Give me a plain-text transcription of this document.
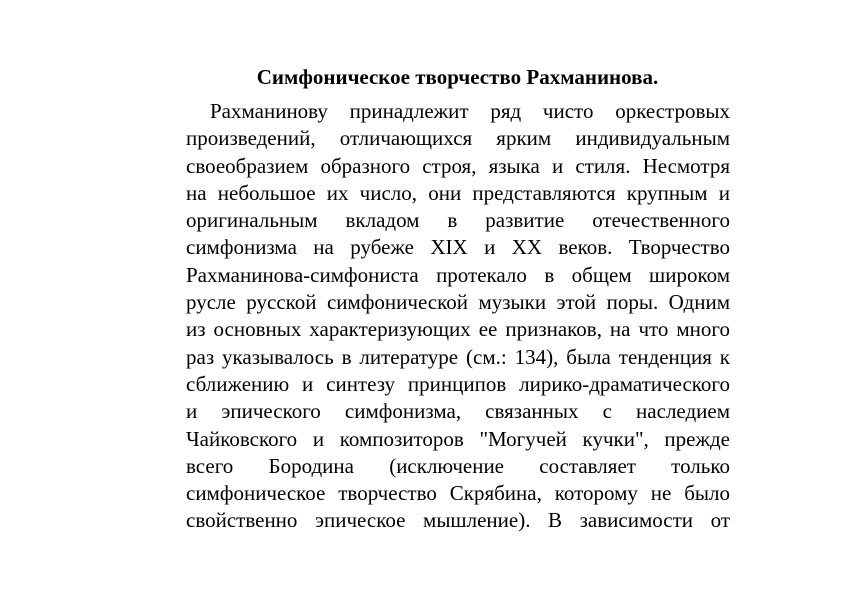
Симфоническое творчество Рахманинова.
Рахманинову принадлежит ряд чисто оркестровых
произведений, отличающихся ярким индивидуальным
своеобразием образного строя, языка и стиля. Несмотря
на небольшое их число, они представляются крупным и
оригинальным вкладом в развитие отечественного
симфонизма на рубеже XIX и XX веков. Творчество
Рахманинова-симфониста протекало в общем широком
русле русской симфонической музыки этой поры. Одним
из основных характеризующих ее признаков, на что много
раз указывалось в литературе (см.: 134), была тенденция к
сближению и синтезу принципов лирико-драматического
и эпического симфонизма, связанных с наследием
Чайковского и композиторов "Могучей кучки", прежде
всего Бородина (исключение составляет только
симфоническое творчество Скрябина, которому не было
свойственно эпическое мышление). В зависимости от
